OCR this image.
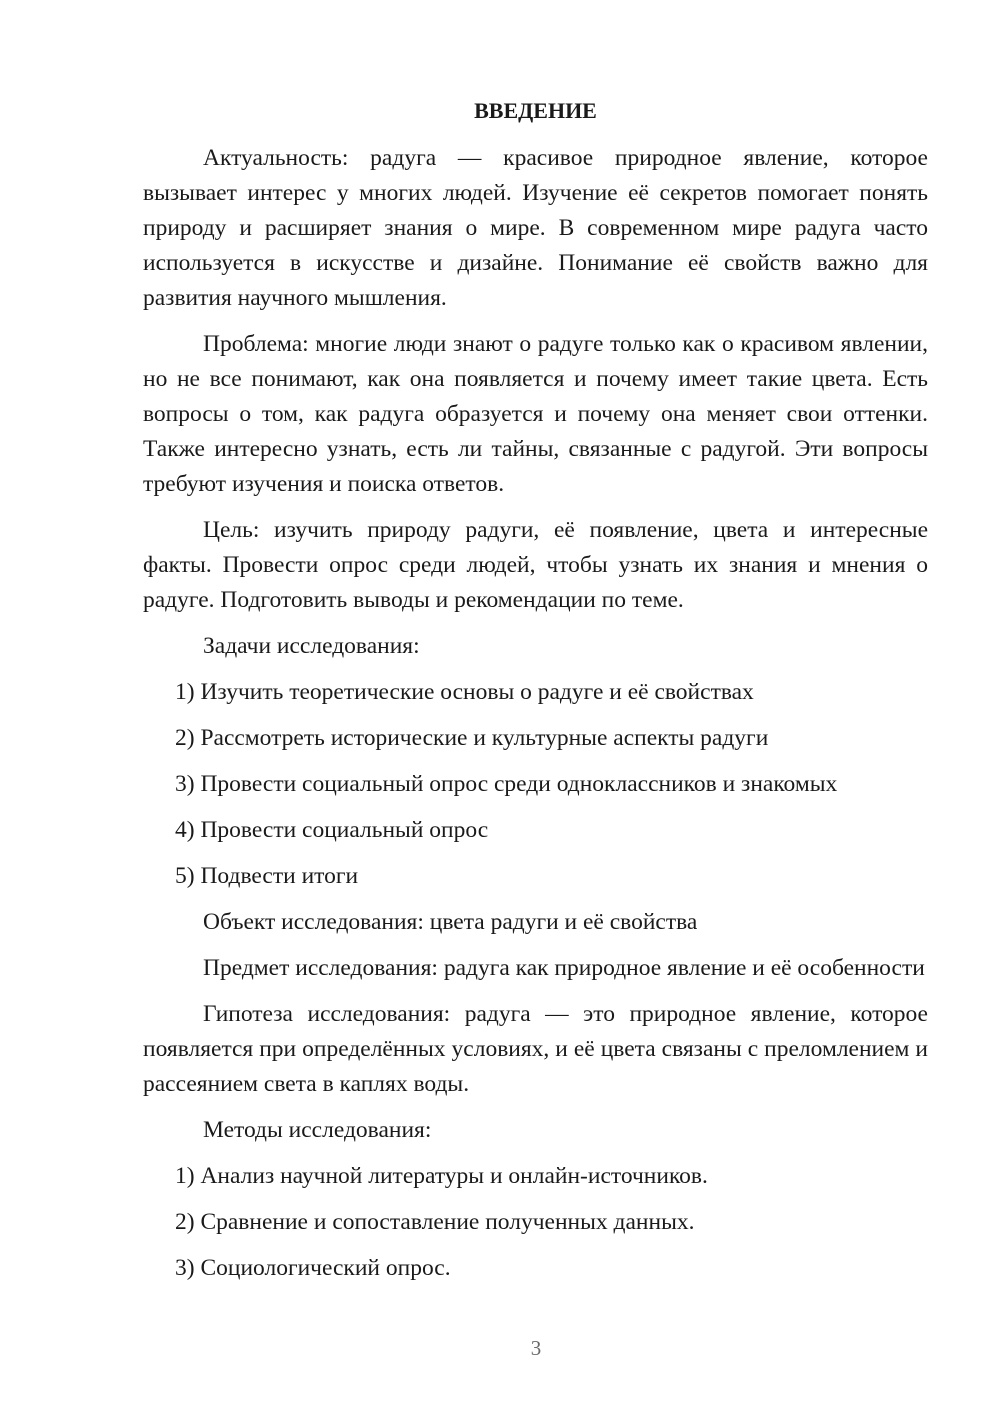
ВВЕДЕНИЕ
Актуальность: радуга — красивое природное явление, которое вызывает интерес у многих людей. Изучение её секретов помогает понять природу и расширяет знания о мире. В современном мире радуга часто используется в искусстве и дизайне. Понимание её свойств важно для развития научного мышления.
Проблема: многие люди знают о радуге только как о красивом явлении, но не все понимают, как она появляется и почему имеет такие цвета. Есть вопросы о том, как радуга образуется и почему она меняет свои оттенки. Также интересно узнать, есть ли тайны, связанные с радугой. Эти вопросы требуют изучения и поиска ответов.
Цель: изучить природу радуги, её появление, цвета и интересные факты. Провести опрос среди людей, чтобы узнать их знания и мнения о радуге. Подготовить выводы и рекомендации по теме.
Задачи исследования:
1) Изучить теоретические основы о радуге и её свойствах
2) Рассмотреть исторические и культурные аспекты радуги
3) Провести социальный опрос среди одноклассников и знакомых
4) Провести социальный опрос
5) Подвести итоги
Объект исследования: цвета радуги и её свойства
Предмет исследования: радуга как природное явление и её особенности
Гипотеза исследования: радуга — это природное явление, которое появляется при определённых условиях, и её цвета связаны с преломлением и рассеянием света в каплях воды.
Методы исследования:
1) Анализ научной литературы и онлайн-источников.
2) Сравнение и сопоставление полученных данных.
3) Социологический опрос.
3
